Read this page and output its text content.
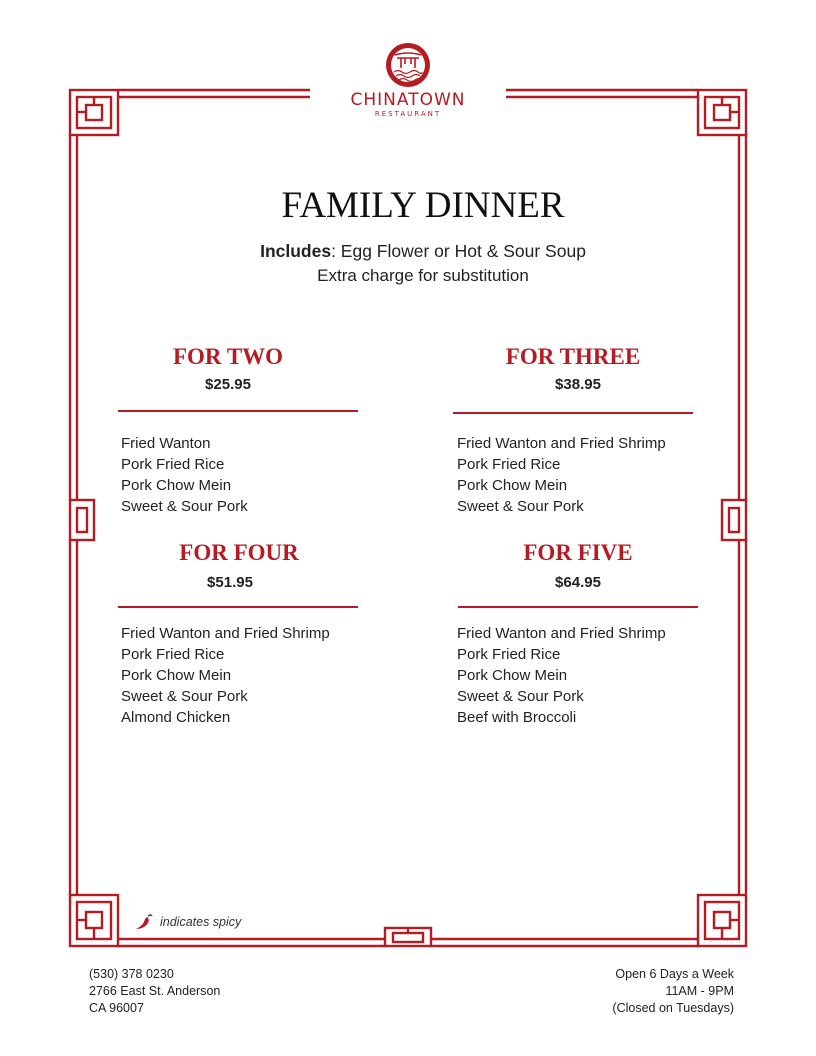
CHINATOWN
RESTAURANT
FAMILY DINNER
Includes: Egg Flower or Hot & Sour Soup
Extra charge for substitution
FOR TWO
$25.95
Fried Wanton
Pork Fried Rice
Pork Chow Mein
Sweet & Sour Pork
FOR THREE
$38.95
Fried Wanton and Fried Shrimp
Pork Fried Rice
Pork Chow Mein
Sweet & Sour Pork
FOR FOUR
$51.95
Fried Wanton and Fried Shrimp
Pork Fried Rice
Pork Chow Mein
Sweet & Sour Pork
Almond Chicken
FOR FIVE
$64.95
Fried Wanton and Fried Shrimp
Pork Fried Rice
Pork Chow Mein
Sweet & Sour Pork
Beef with Broccoli
indicates spicy
(530) 378 0230
2766 East St. Anderson
CA 96007
Open 6 Days a Week
11AM - 9PM
(Closed on Tuesdays)
